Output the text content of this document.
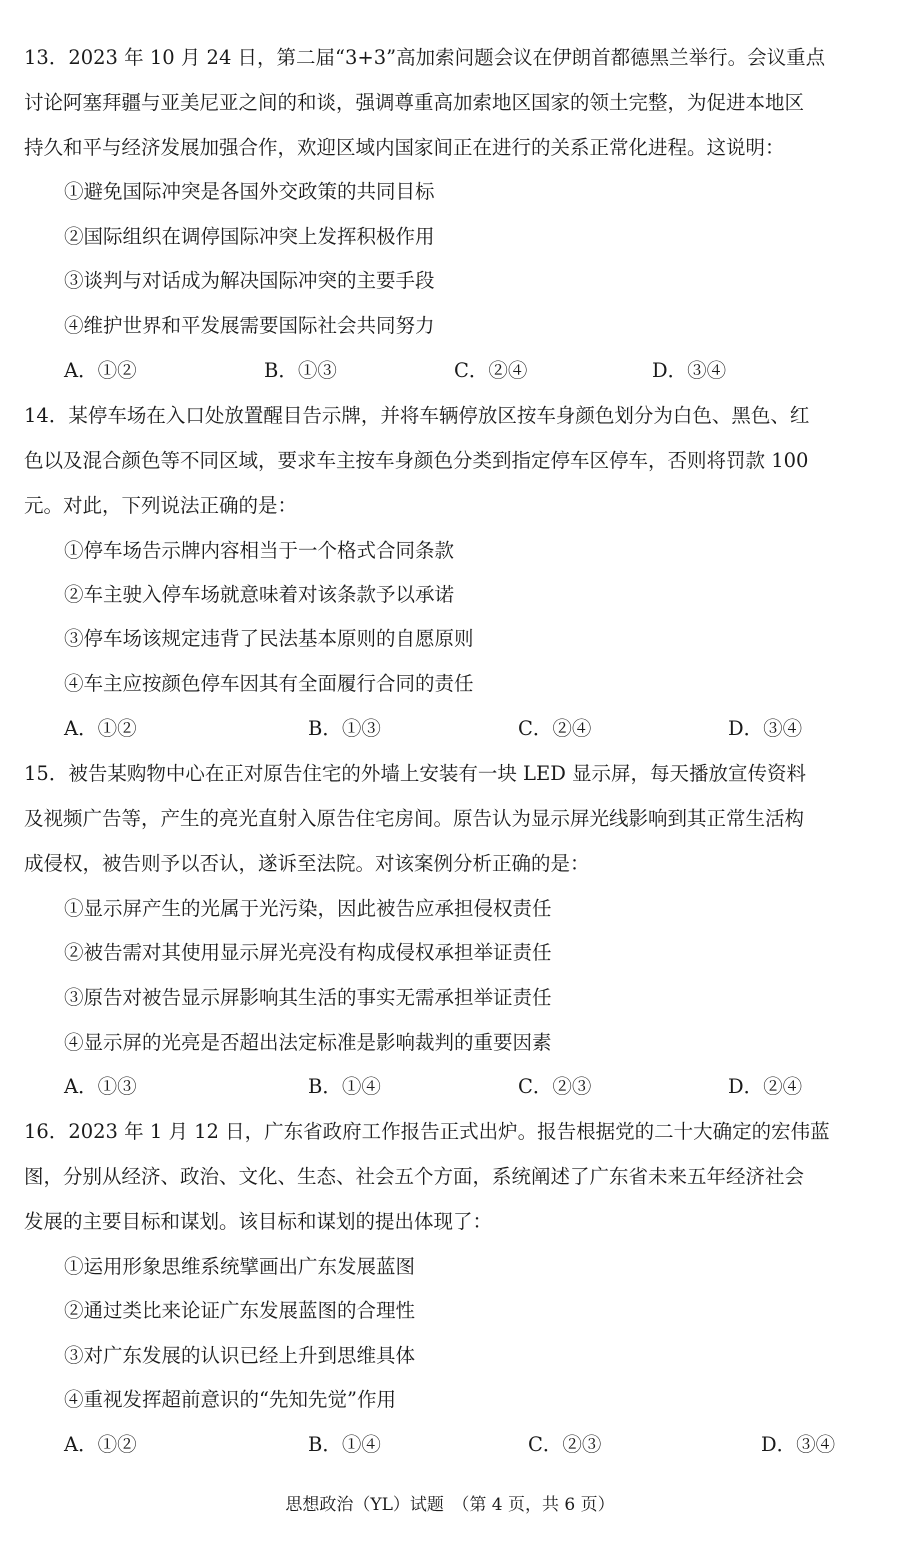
13．2023 年 10 月 24 日，第二届“3+3”高加索问题会议在伊朗首都德黑兰举行。会议重点
讨论阿塞拜疆与亚美尼亚之间的和谈，强调尊重高加索地区国家的领土完整，为促进本地区
持久和平与经济发展加强合作，欢迎区域内国家间正在进行的关系正常化进程。这说明：
①避免国际冲突是各国外交政策的共同目标
②国际组织在调停国际冲突上发挥积极作用
③谈判与对话成为解决国际冲突的主要手段
④维护世界和平发展需要国际社会共同努力
A．①②	B．①③	C．②④	D．③④
14．某停车场在入口处放置醒目告示牌，并将车辆停放区按车身颜色划分为白色、黑色、红
色以及混合颜色等不同区域，要求车主按车身颜色分类到指定停车区停车，否则将罚款 100
元。对此，下列说法正确的是：
①停车场告示牌内容相当于一个格式合同条款
②车主驶入停车场就意味着对该条款予以承诺
③停车场该规定违背了民法基本原则的自愿原则
④车主应按颜色停车因其有全面履行合同的责任
A．①②	B．①③	C．②④	D．③④
15．被告某购物中心在正对原告住宅的外墙上安装有一块 LED 显示屏，每天播放宣传资料
及视频广告等，产生的亮光直射入原告住宅房间。原告认为显示屏光线影响到其正常生活构
成侵权，被告则予以否认，遂诉至法院。对该案例分析正确的是：
①显示屏产生的光属于光污染，因此被告应承担侵权责任
②被告需对其使用显示屏光亮没有构成侵权承担举证责任
③原告对被告显示屏影响其生活的事实无需承担举证责任
④显示屏的光亮是否超出法定标准是影响裁判的重要因素
A．①③	B．①④	C．②③	D．②④
16．2023 年 1 月 12 日，广东省政府工作报告正式出炉。报告根据党的二十大确定的宏伟蓝
图，分别从经济、政治、文化、生态、社会五个方面，系统阐述了广东省未来五年经济社会
发展的主要目标和谋划。该目标和谋划的提出体现了：
①运用形象思维系统擘画出广东发展蓝图
②通过类比来论证广东发展蓝图的合理性
③对广东发展的认识已经上升到思维具体
④重视发挥超前意识的“先知先觉”作用
A．①②	B．①④	C．②③	D．③④
思想政治（YL）试题　（第 4 页，共 6 页）
